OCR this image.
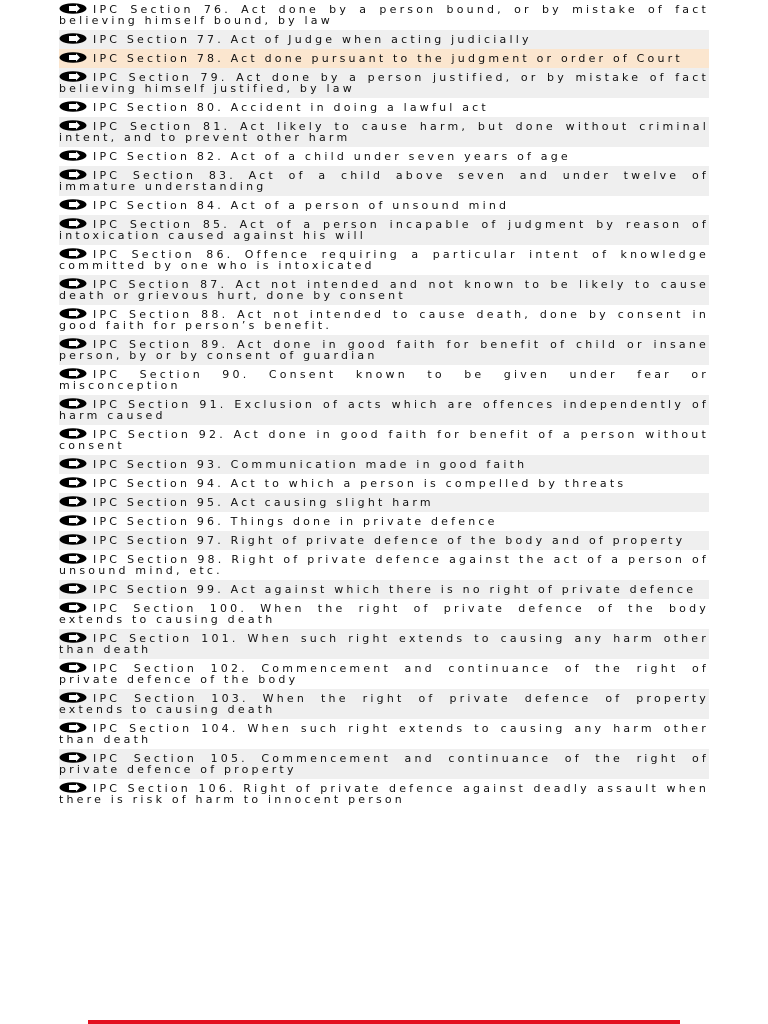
IPC Section 76. Act done by a person bound, or by mistake of fact believing himself bound, by law
IPC Section 77. Act of Judge when acting judicially
IPC Section 78. Act done pursuant to the judgment or order of Court
IPC Section 79. Act done by a person justified, or by mistake of fact believing himself justified, by law
IPC Section 80. Accident in doing a lawful act
IPC Section 81. Act likely to cause harm, but done without criminal intent, and to prevent other harm
IPC Section 82. Act of a child under seven years of age
IPC Section 83. Act of a child above seven and under twelve of immature understanding
IPC Section 84. Act of a person of unsound mind
IPC Section 85. Act of a person incapable of judgment by reason of intoxication caused against his will
IPC Section 86. Offence requiring a particular intent of knowledge committed by one who is intoxicated
IPC Section 87. Act not intended and not known to be likely to cause death or grievous hurt, done by consent
IPC Section 88. Act not intended to cause death, done by consent in good faith for person’s benefit.
IPC Section 89. Act done in good faith for benefit of child or insane person, by or by consent of guardian
IPC Section 90. Consent known to be given under fear or misconception
IPC Section 91. Exclusion of acts which are offences independently of harm caused
IPC Section 92. Act done in good faith for benefit of a person without consent
IPC Section 93. Communication made in good faith
IPC Section 94. Act to which a person is compelled by threats
IPC Section 95. Act causing slight harm
IPC Section 96. Things done in private defence
IPC Section 97. Right of private defence of the body and of property
IPC Section 98. Right of private defence against the act of a person of unsound mind, etc.
IPC Section 99. Act against which there is no right of private defence
IPC Section 100. When the right of private defence of the body extends to causing death
IPC Section 101. When such right extends to causing any harm other than death
IPC Section 102. Commencement and continuance of the right of private defence of the body
IPC Section 103. When the right of private defence of property extends to causing death
IPC Section 104. When such right extends to causing any harm other than death
IPC Section 105. Commencement and continuance of the right of private defence of property
IPC Section 106. Right of private defence against deadly assault when there is risk of harm to innocent person
